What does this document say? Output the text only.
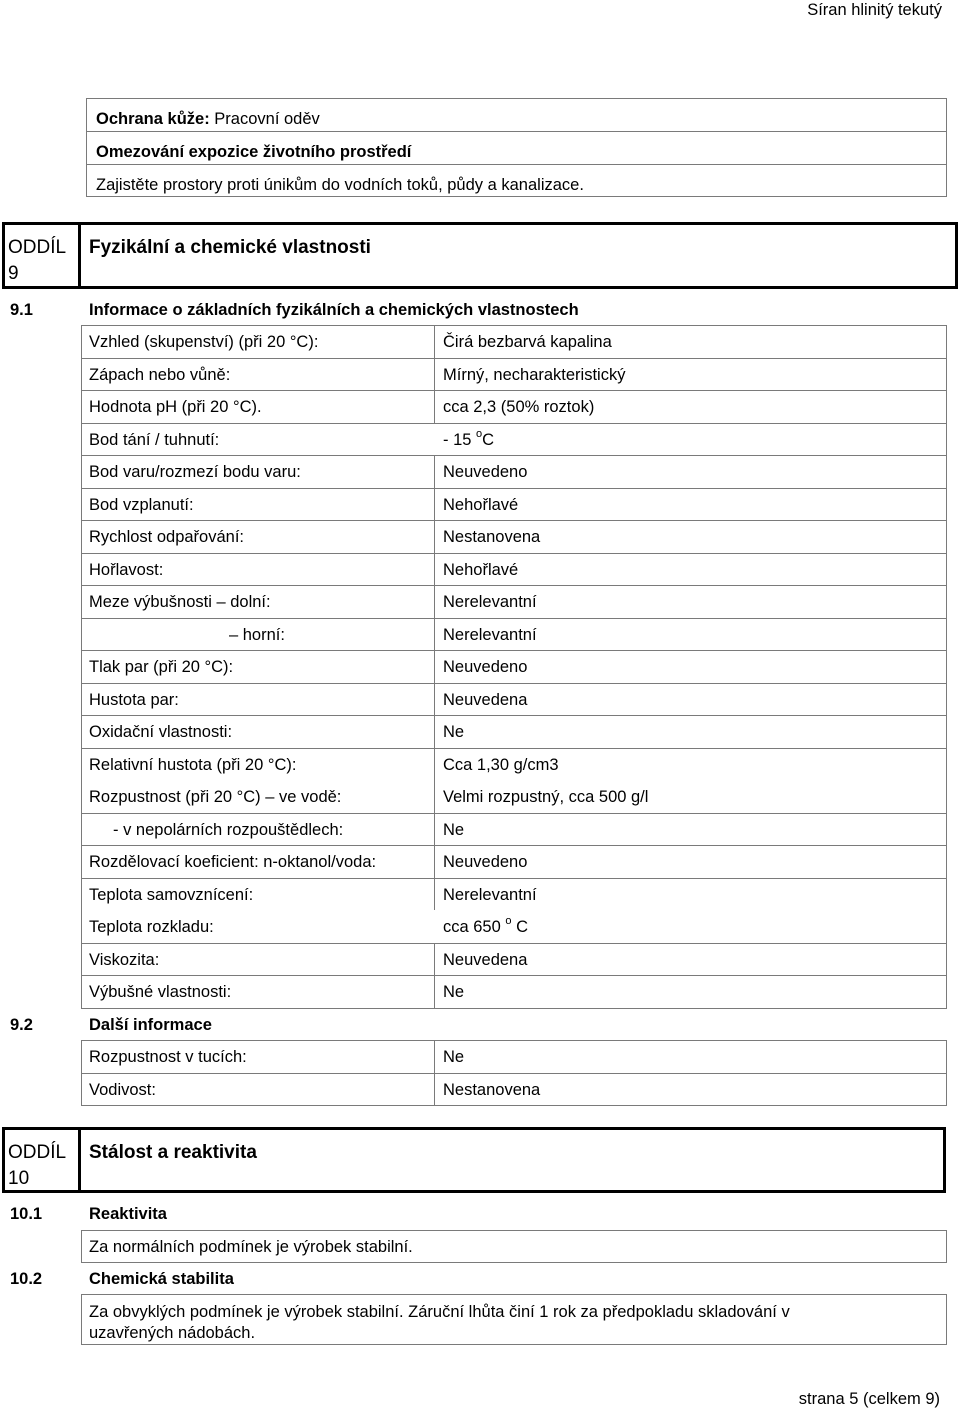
Síran hlinitý tekutý
Ochrana kůže: Pracovní oděv
Omezování expozice životního prostředí
Zajistěte prostory proti únikům do vodních toků, půdy a kanalizace.
ODDÍL
9
Fyzikální a chemické vlastnosti
9.1	Informace o základních fyzikálních a chemických vlastnostech
Vzhled (skupenství) (při 20 °C):	Čirá bezbarvá kapalina
Zápach nebo vůně:	Mírný, necharakteristický
Hodnota pH (při 20 °C).	cca 2,3 (50% roztok)
Bod tání / tuhnutí:	- 15 $^o$C
Bod varu/rozmezí bodu varu:	Neuvedeno
Bod vzplanutí:	Nehořlavé
Rychlost odpařování:	Nestanovena
Hořlavost:	Nehořlavé
Meze výbušnosti – dolní:	Nerelevantní
– horní:	Nerelevantní
Tlak par (při 20 °C):	Neuvedeno
Hustota par:	Neuvedena
Oxidační vlastnosti:	Ne
Relativní hustota (při 20 °C):	Cca 1,30 g/cm3
Rozpustnost (při 20 °C) – ve vodě:	Velmi rozpustný, cca 500 g/l
- v nepolárních rozpouštědlech:	Ne
Rozdělovací koeficient: n-oktanol/voda:	Neuvedeno
Teplota samovznícení:	Nerelevantní
Teplota rozkladu:	cca 650 $^o$ C
Viskozita:	Neuvedena
Výbušné vlastnosti:	Ne
9.2	Další informace
Rozpustnost v tucích:	Ne
Vodivost:	Nestanovena
ODDÍL
10
Stálost a reaktivita
10.1	Reaktivita
Za normálních podmínek je výrobek stabilní.
10.2	Chemická stabilita
Za obvyklých podmínek je výrobek stabilní. Záruční lhůta činí 1 rok za předpokladu skladování v
uzavřených nádobách.
strana 5 (celkem 9)
